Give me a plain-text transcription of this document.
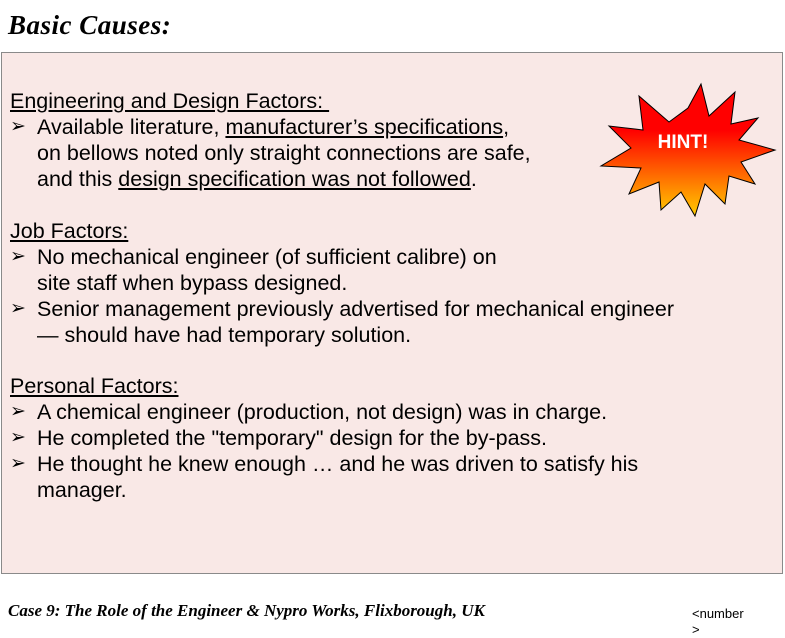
Basic Causes:
Engineering and Design Factors:
➢ Available literature, manufacturer’s specifications,
on bellows noted only straight connections are safe,
and this design specification was not followed.
Job Factors:
➢ No mechanical engineer (of sufficient calibre) on
site staff when bypass designed.
➢ Senior management previously advertised for mechanical engineer
— should have had temporary solution.
Personal Factors:
➢ A chemical engineer (production, not design) was in charge.
➢ He completed the "temporary" design for the by-pass.
➢ He thought he knew enough … and he was driven to satisfy his
manager.
HINT!
Case 9: The Role of the Engineer & Nypro Works, Flixborough, UK	<number
>
